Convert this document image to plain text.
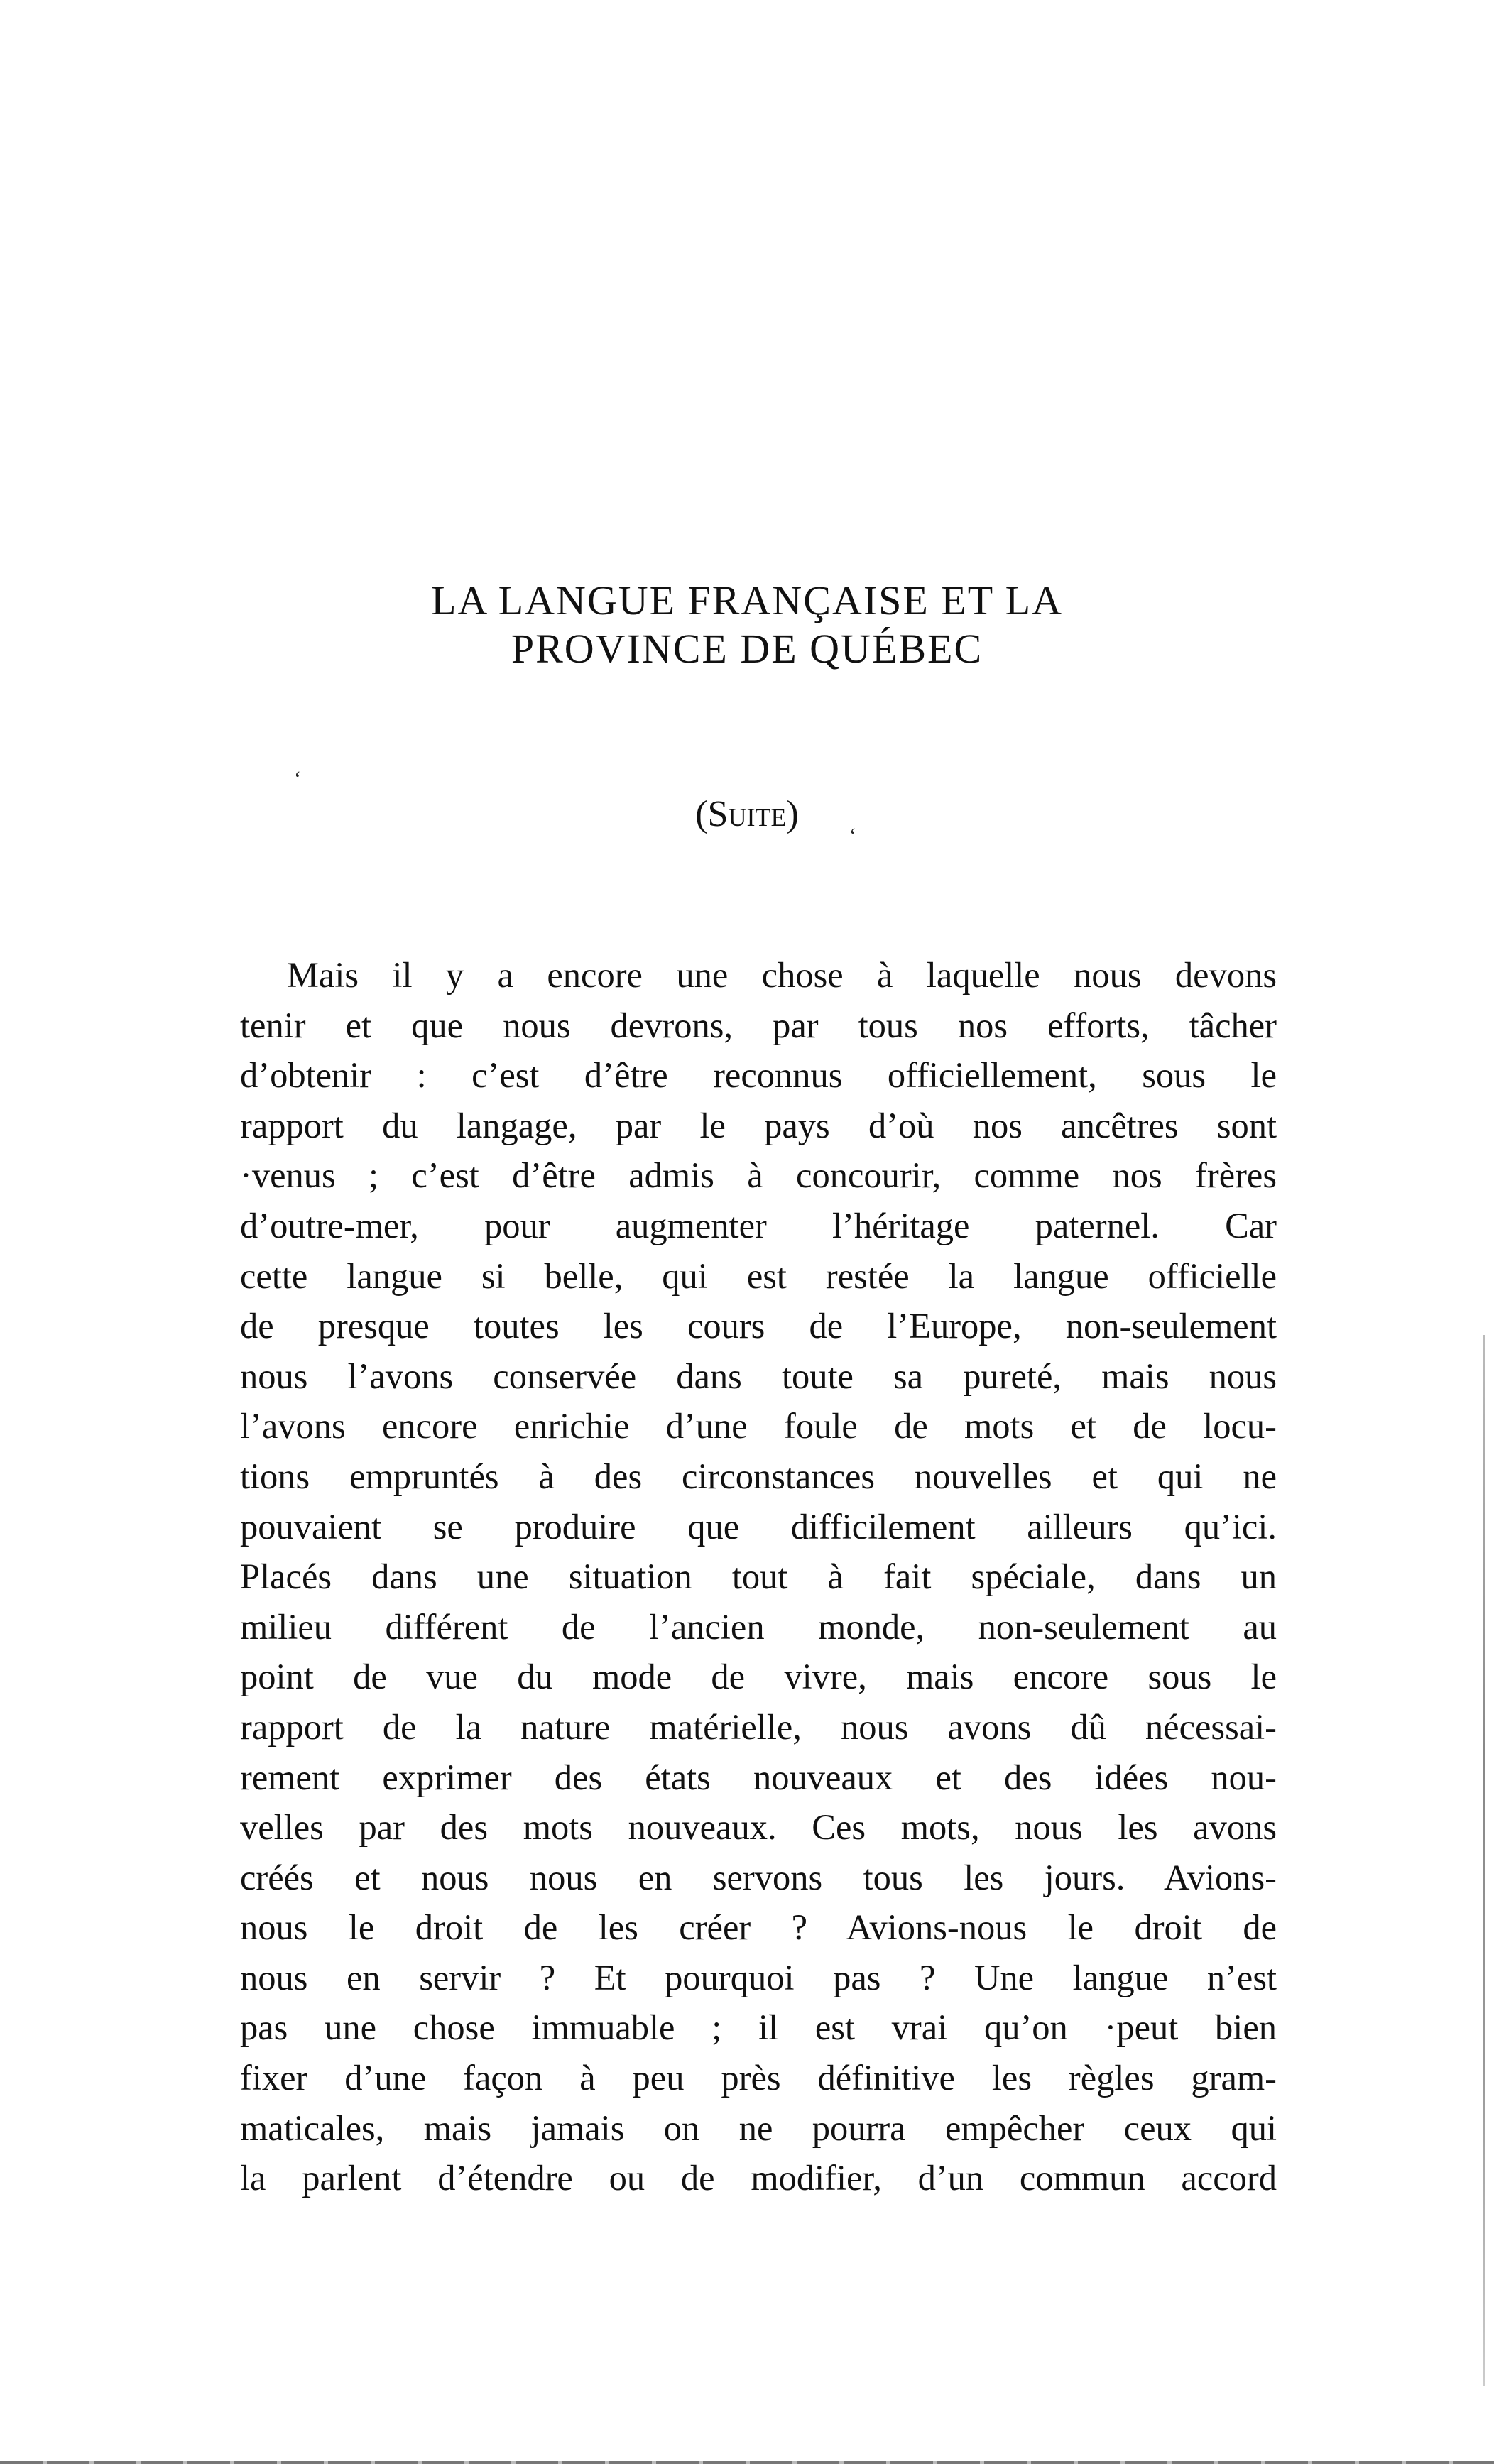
LA LANGUE FRANÇAISE ET LA
PROVINCE DE QUÉBEC
ʻ
(Suite)
ʻ
Mais il y a encore une chose à laquelle nous devons
tenir et que nous devrons, par tous nos efforts, tâcher
d’obtenir : c’est d’être reconnus officiellement, sous le
rapport du langage, par le pays d’où nos ancêtres sont
·venus ; c’est d’être admis à concourir, comme nos frères
d’outre-mer, pour augmenter l’héritage paternel. Car
cette langue si belle, qui est restée la langue officielle
de presque toutes les cours de l’Europe, non-seulement
nous l’avons conservée dans toute sa pureté, mais nous
l’avons encore enrichie d’une foule de mots et de locu-
tions empruntés à des circonstances nouvelles et qui ne
pouvaient se produire que difficilement ailleurs qu’ici.
Placés dans une situation tout à fait spéciale, dans un
milieu différent de l’ancien monde, non-seulement au
point de vue du mode de vivre, mais encore sous le
rapport de la nature matérielle, nous avons dû nécessai-
rement exprimer des états nouveaux et des idées nou-
velles par des mots nouveaux. Ces mots, nous les avons
créés et nous nous en servons tous les jours. Avions-
nous le droit de les créer ? Avions-nous le droit de
nous en servir ? Et pourquoi pas ? Une langue n’est
pas une chose immuable ; il est vrai qu’on ·peut bien
fixer d’une façon à peu près définitive les règles gram-
maticales, mais jamais on ne pourra empêcher ceux qui
la parlent d’étendre ou de modifier, d’un commun accord
